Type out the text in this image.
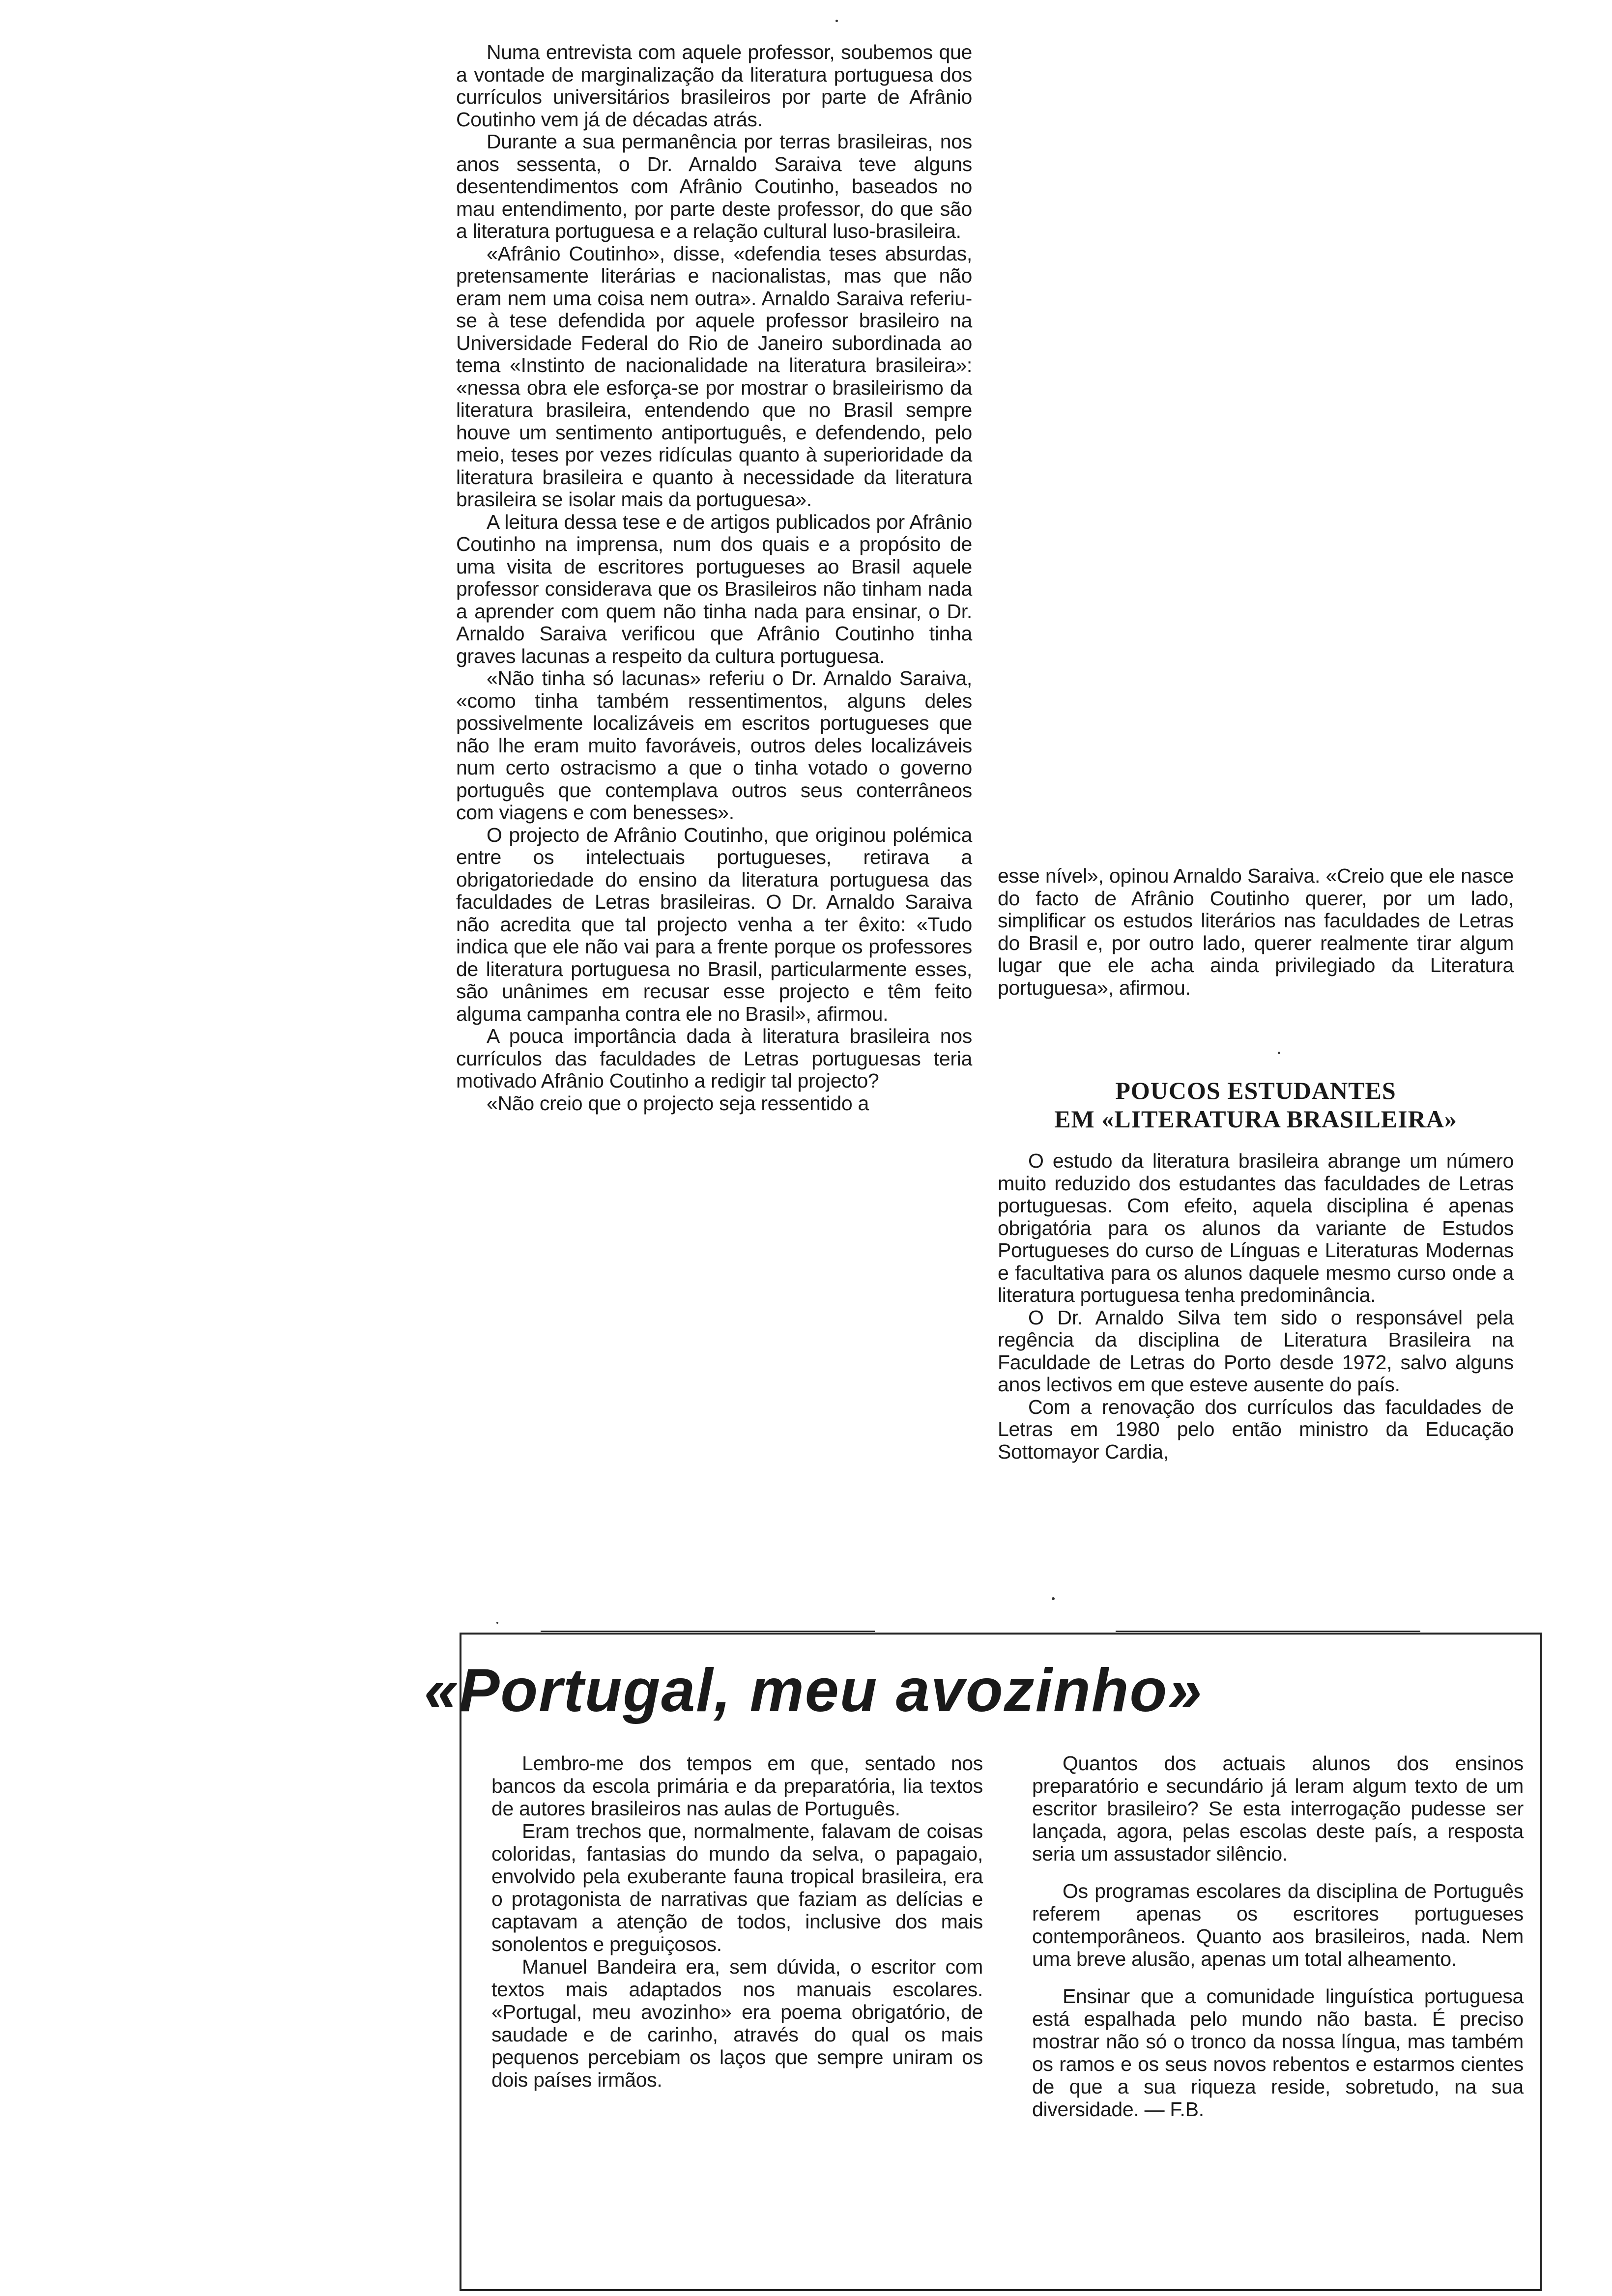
Numa entrevista com aquele professor, soubemos que a vontade de marginalização da literatura portuguesa dos currículos universitários brasileiros por parte de Afrânio Coutinho vem já de décadas atrás.

Durante a sua permanência por terras brasileiras, nos anos sessenta, o Dr. Arnaldo Saraiva teve alguns desentendimentos com Afrânio Coutinho, baseados no mau entendimento, por parte deste professor, do que são a literatura portuguesa e a relação cultural luso-brasileira.

«Afrânio Coutinho», disse, «defendia teses absurdas, pretensamente literárias e nacionalistas, mas que não eram nem uma coisa nem outra». Arnaldo Saraiva referiu-se à tese defendida por aquele professor brasileiro na Universidade Federal do Rio de Janeiro subordinada ao tema «Instinto de nacionalidade na literatura brasileira»: «nessa obra ele esforça-se por mostrar o brasileirismo da literatura brasileira, entendendo que no Brasil sempre houve um sentimento antiportuguês, e defendendo, pelo meio, teses por vezes ridículas quanto à superioridade da literatura brasileira e quanto à necessidade da literatura brasileira se isolar mais da portuguesa».

A leitura dessa tese e de artigos publicados por Afrânio Coutinho na imprensa, num dos quais e a propósito de uma visita de escritores portugueses ao Brasil aquele professor considerava que os Brasileiros não tinham nada a aprender com quem não tinha nada para ensinar, o Dr. Arnaldo Saraiva verificou que Afrânio Coutinho tinha graves lacunas a respeito da cultura portuguesa.

«Não tinha só lacunas» referiu o Dr. Arnaldo Saraiva, «como tinha também ressentimentos, alguns deles possivelmente localizáveis em escritos portugueses que não lhe eram muito favoráveis, outros deles localizáveis num certo ostracismo a que o tinha votado o governo português que contemplava outros seus conterrâneos com viagens e com benesses».

O projecto de Afrânio Coutinho, que originou polémica entre os intelectuais portugueses, retirava a obrigatoriedade do ensino da literatura portuguesa das faculdades de Letras brasileiras. O Dr. Arnaldo Saraiva não acredita que tal projecto venha a ter êxito: «Tudo indica que ele não vai para a frente porque os professores de literatura portuguesa no Brasil, particularmente esses, são unânimes em recusar esse projecto e têm feito alguma campanha contra ele no Brasil», afirmou.

A pouca importância dada à literatura brasileira nos currículos das faculdades de Letras portuguesas teria motivado Afrânio Coutinho a redigir tal projecto?

«Não creio que o projecto seja ressentido a

esse nível», opinou Arnaldo Saraiva. «Creio que ele nasce do facto de Afrânio Coutinho querer, por um lado, simplificar os estudos literários nas faculdades de Letras do Brasil e, por outro lado, querer realmente tirar algum lugar que ele acha ainda privilegiado da Literatura portuguesa», afirmou.

POUCOS ESTUDANTES

EM «LITERATURA BRASILEIRA»

O estudo da literatura brasileira abrange um número muito reduzido dos estudantes das faculdades de Letras portuguesas. Com efeito, aquela disciplina é apenas obrigatória para os alunos da variante de Estudos Portugueses do curso de Línguas e Literaturas Modernas e facultativa para os alunos daquele mesmo curso onde a literatura portuguesa tenha predominância.

O Dr. Arnaldo Silva tem sido o responsável pela regência da disciplina de Literatura Brasileira na Faculdade de Letras do Porto desde 1972, salvo alguns anos lectivos em que esteve ausente do país.

Com a renovação dos currículos das faculdades de Letras em 1980 pelo então ministro da Educação Sottomayor Cardia,

«Portugal, meu avozinho»

Lembro-me dos tempos em que, sentado nos bancos da escola primária e da preparatória, lia textos de autores brasileiros nas aulas de Português.

Eram trechos que, normalmente, falavam de coisas coloridas, fantasias do mundo da selva, o papagaio, envolvido pela exuberante fauna tropical brasileira, era o protagonista de narrativas que faziam as delícias e captavam a atenção de todos, inclusive dos mais sonolentos e preguiçosos.

Manuel Bandeira era, sem dúvida, o escritor com textos mais adaptados nos manuais escolares. «Portugal, meu avozinho» era poema obrigatório, de saudade e de carinho, através do qual os mais pequenos percebiam os laços que sempre uniram os dois países irmãos.

Quantos dos actuais alunos dos ensinos preparatório e secundário já leram algum texto de um escritor brasileiro? Se esta interrogação pudesse ser lançada, agora, pelas escolas deste país, a resposta seria um assustador silêncio.

Os programas escolares da disciplina de Português referem apenas os escritores portugueses contemporâneos. Quanto aos brasileiros, nada. Nem uma breve alusão, apenas um total alheamento.

Ensinar que a comunidade linguística portuguesa está espalhada pelo mundo não basta. É preciso mostrar não só o tronco da nossa língua, mas também os ramos e os seus novos rebentos e estarmos cientes de que a sua riqueza reside, sobretudo, na sua diversidade. — F.B.
